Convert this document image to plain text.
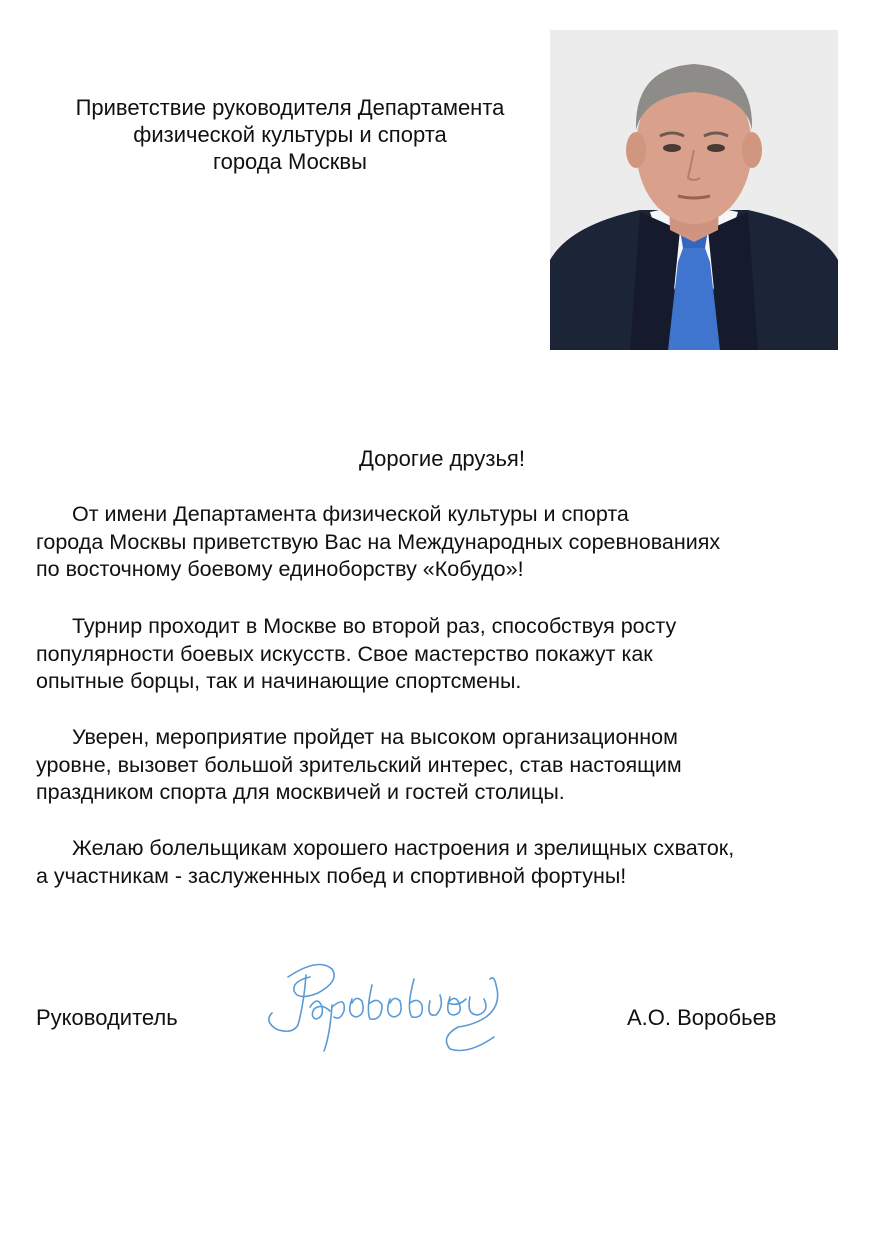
Приветствие руководителя Департамента
физической культуры и спорта
города Москвы
Дорогие друзья!
От имени Департамента физической культуры и спорта
города Москвы приветствую Вас на Международных соревнованиях
по восточному боевому единоборству «Кобудо»!
Турнир проходит в Москве во второй раз, способствуя росту
популярности боевых искусств. Свое мастерство покажут как
опытные борцы, так и начинающие спортсмены.
Уверен, мероприятие пройдет на высоком организационном
уровне, вызовет большой зрительский интерес, став настоящим
праздником спорта для москвичей и гостей столицы.
Желаю болельщикам хорошего настроения и зрелищных схваток,
а участникам - заслуженных побед и спортивной фортуны!
Руководитель	А.О. Воробьев
